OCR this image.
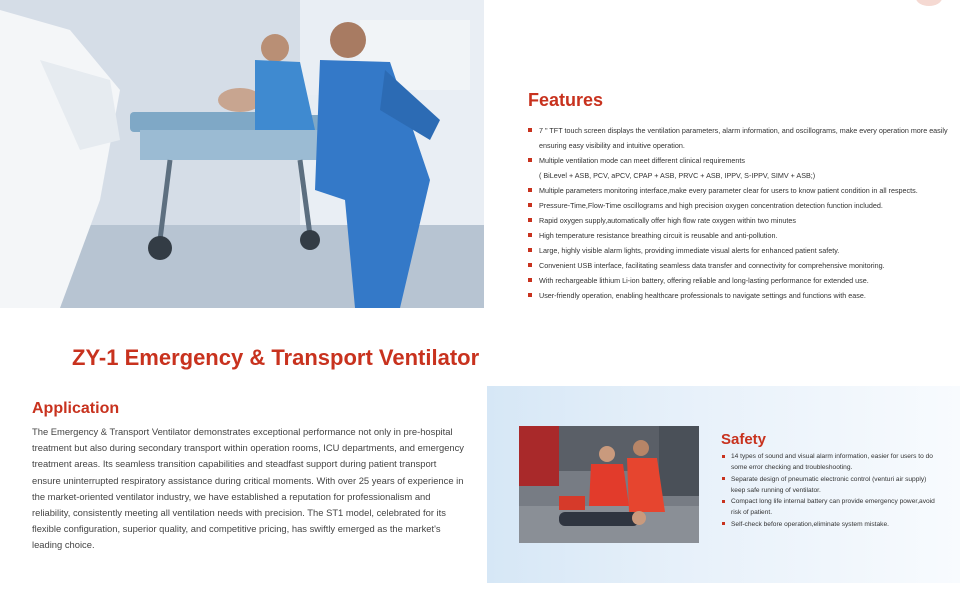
Features
7 " TFT touch screen displays the ventilation parameters, alarm information, and oscillograms, make every operation more easily
ensuring easy visibility and intuitive operation.
Multiple ventilation mode can meet different clinical requirements
( BiLevel + ASB, PCV, aPCV, CPAP + ASB, PRVC + ASB, IPPV, S-IPPV, SIMV + ASB;)
Multiple parameters monitoring interface,make every parameter clear for users to know patient condition in all respects.
Pressure-Time,Flow-Time oscillograms and high precision oxygen concentration detection function included.
Rapid oxygen supply,automatically offer high flow rate oxygen within two minutes
High temperature resistance breathing circuit is reusable and anti-pollution.
Large, highly visible alarm lights, providing immediate visual alerts for enhanced patient safety.
Convenient USB interface, facilitating seamless data transfer and connectivity for comprehensive monitoring.
With rechargeable lithium Li-ion battery, offering reliable and long-lasting performance for extended use.
User-friendly operation, enabling healthcare professionals to navigate settings and functions with ease.
ZY-1 Emergency & Transport Ventilator
Application

The Emergency & Transport Ventilator demonstrates exceptional performance not only in pre-hospital treatment but also during secondary transport within operation rooms, ICU departments, and emergency treatment areas. Its seamless transition capabilities and steadfast support during patient transport ensure uninterrupted respiratory assistance during critical moments. With over 25 years of experience in the market-oriented ventilator industry, we have established a reputation for professionalism and reliability, consistently meeting all ventilation needs with precision. The ST1 model, celebrated for its flexible configuration, superior quality, and competitive pricing, has swiftly emerged as the market's leading choice.

Safety
14 types of sound and visual alarm information, easier for users to do some error checking and troubleshooting.
Separate design of pneumatic electronic control (venturi air supply) keep safe running of ventilator.
Compact long life internal battery can provide emergency power,avoid risk of patient.
Self-check before operation,eliminate system mistake.
